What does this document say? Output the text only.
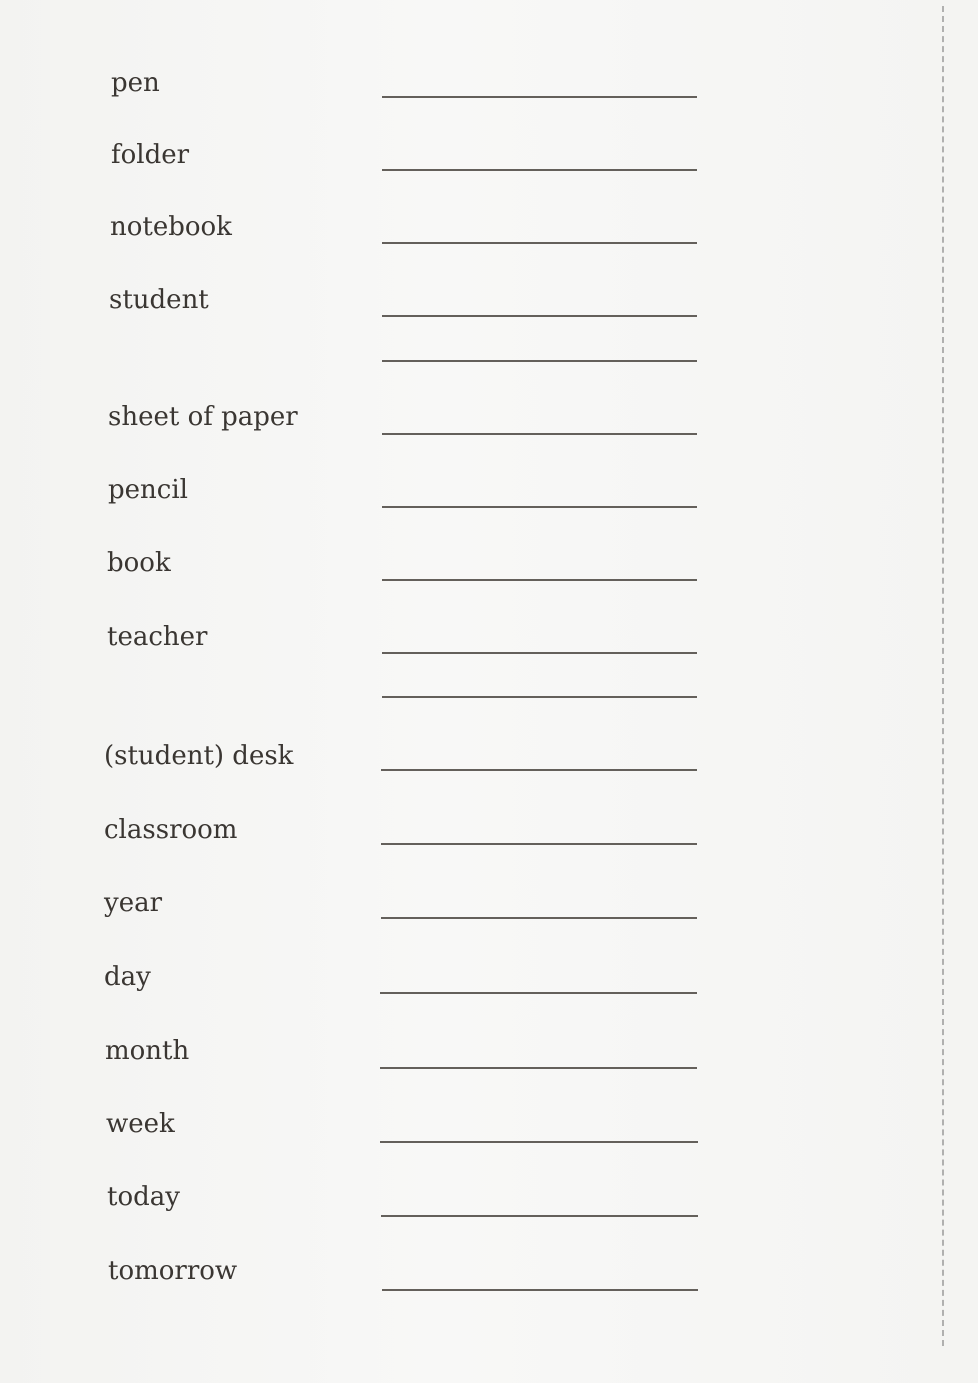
pen
folder
notebook
student
sheet of paper
pencil
book
teacher
(student) desk
classroom
year
day
month
week
today
tomorrow
